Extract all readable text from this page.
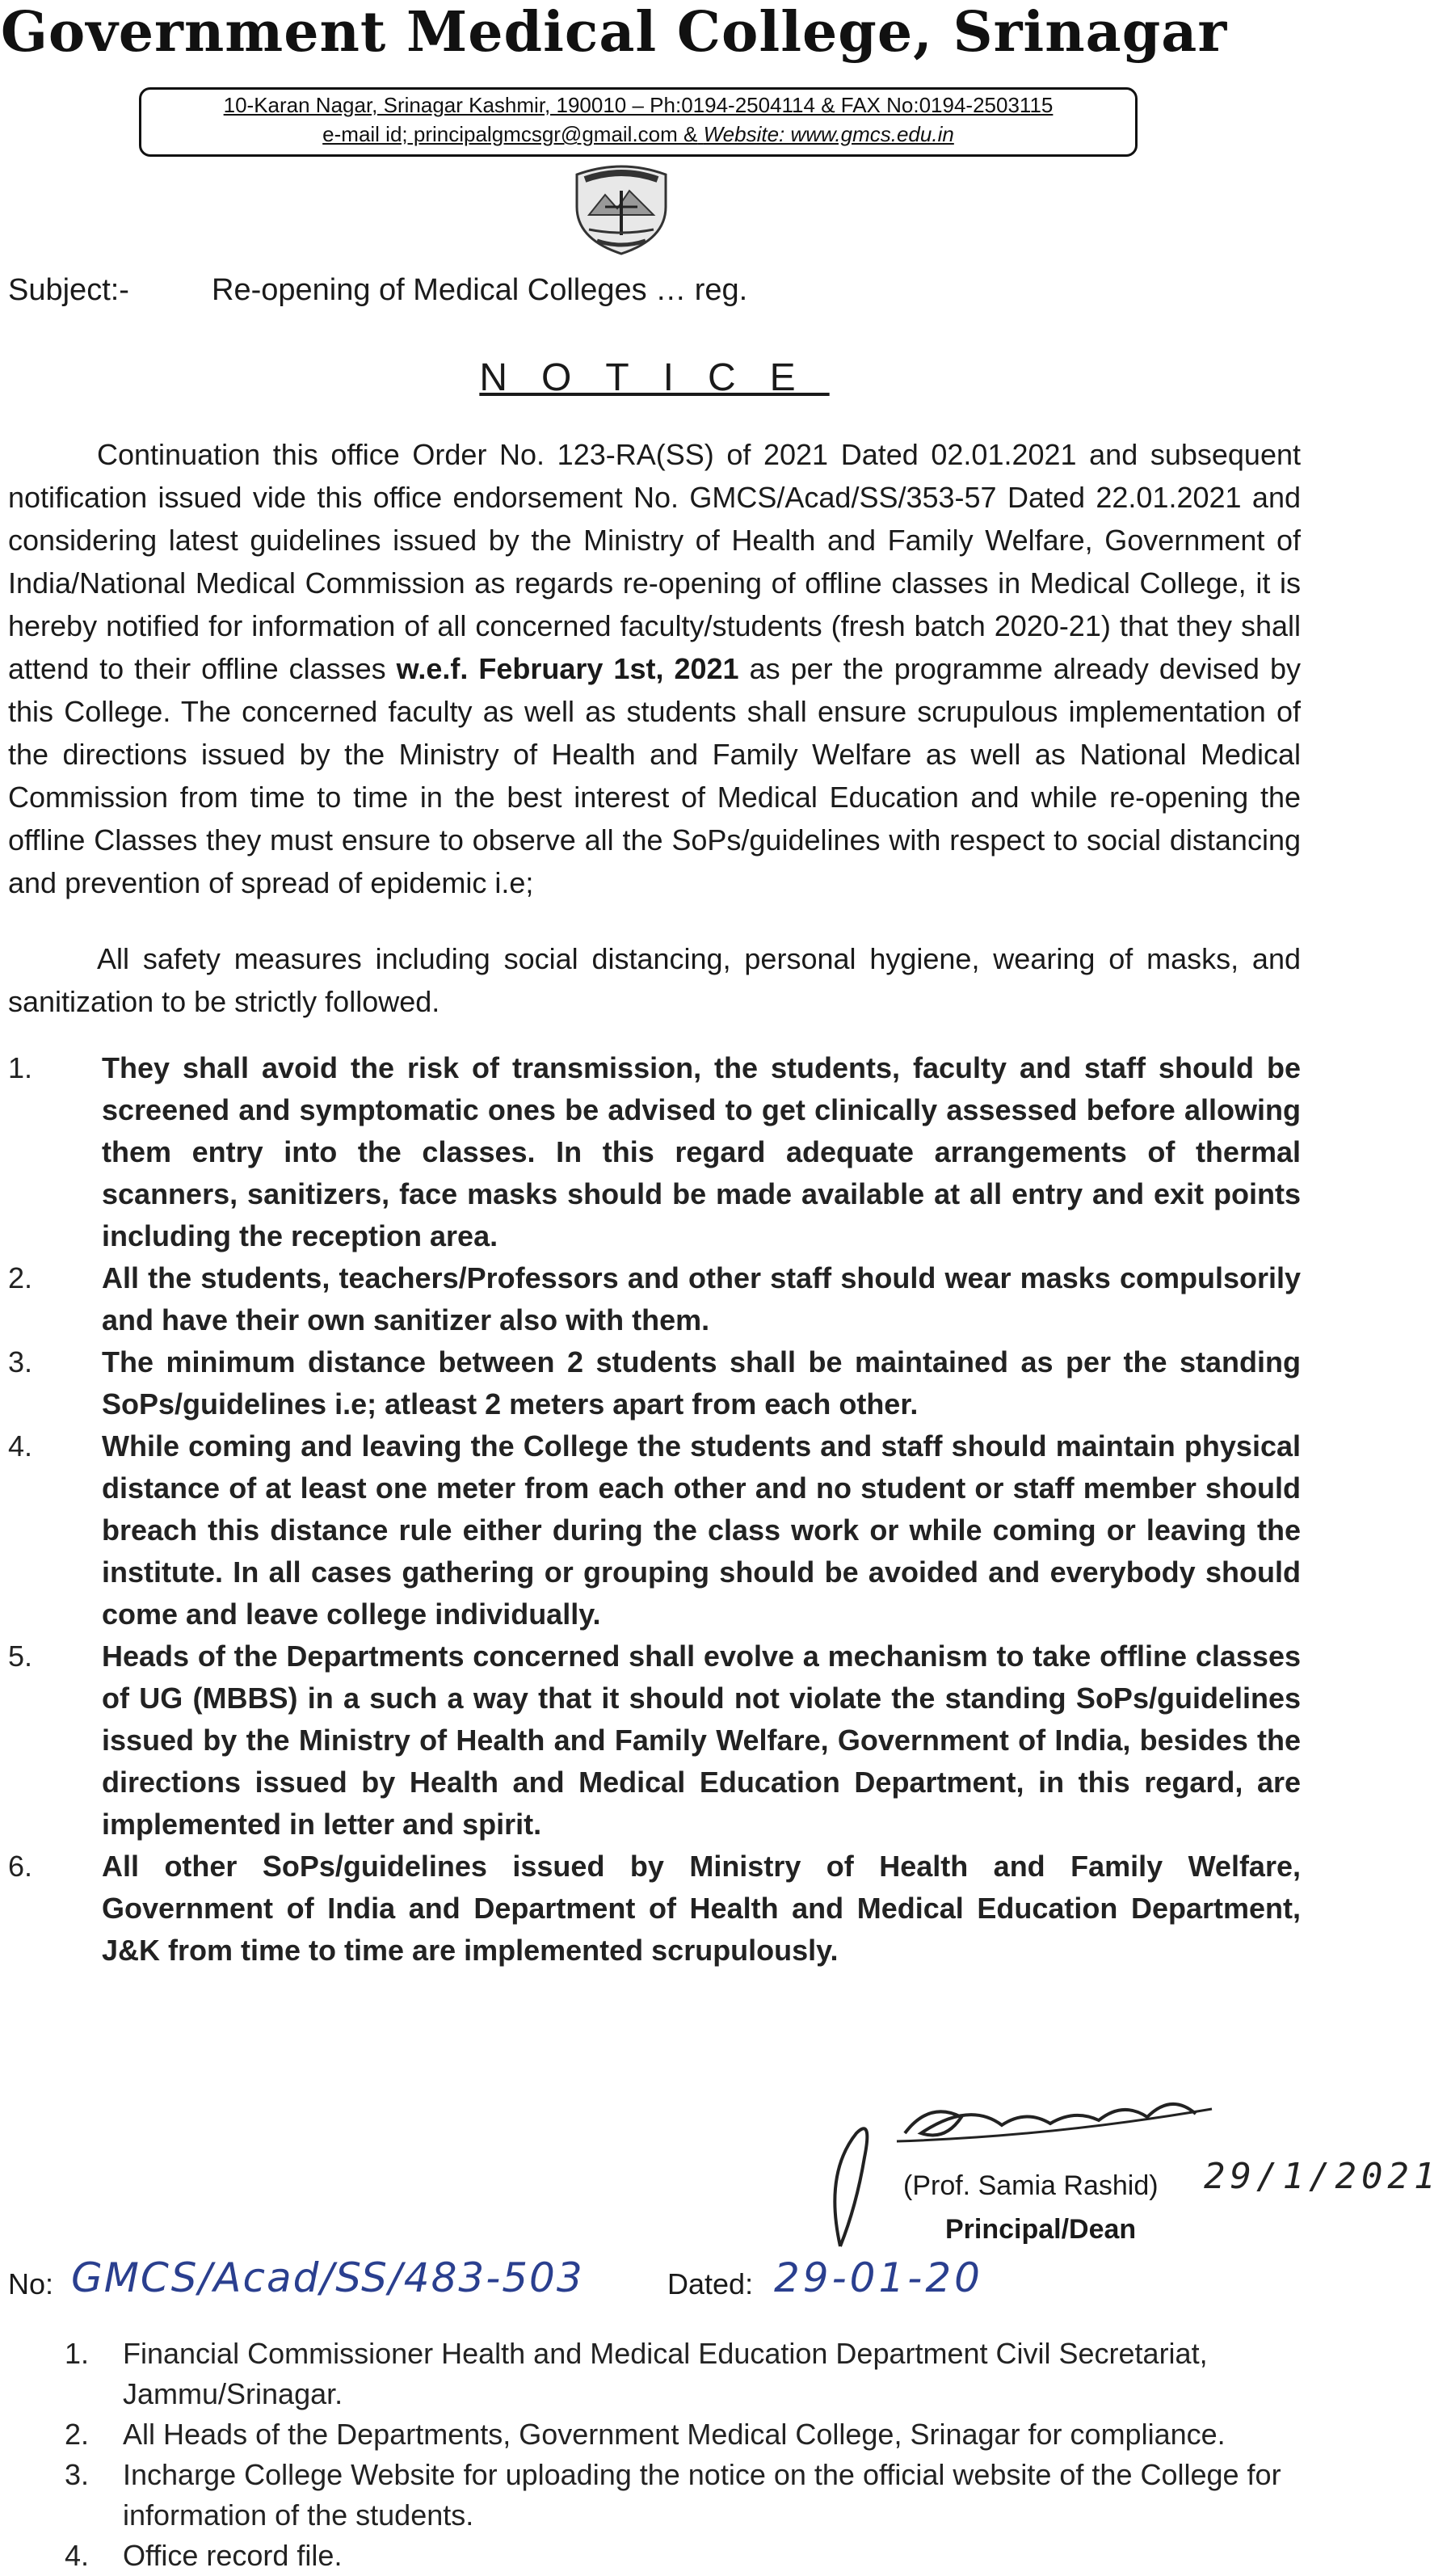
Government Medical College, Srinagar
10-Karan Nagar, Srinagar Kashmir, 190010 – Ph:0194-2504114 & FAX No:0194-2503115
e-mail id; principalgmcsgr@gmail.com & Website: www.gmcs.edu.in
Subject:-	Re-opening of Medical Colleges … reg.
NOTICE
Continuation this office Order No. 123-RA(SS) of 2021 Dated 02.01.2021 and subsequent notification issued vide this office endorsement No. GMCS/Acad/SS/353-57 Dated 22.01.2021 and considering latest guidelines issued by the Ministry of Health and Family Welfare, Government of India/National Medical Commission as regards re-opening of offline classes in Medical College, it is hereby notified for information of all concerned faculty/students (fresh batch 2020-21) that they shall attend to their offline classes w.e.f. February 1st, 2021 as per the programme already devised by this College. The concerned faculty as well as students shall ensure scrupulous implementation of the directions issued by the Ministry of Health and Family Welfare as well as National Medical Commission from time to time in the best interest of Medical Education and while re-opening the offline Classes they must ensure to observe all the SoPs/guidelines with respect to social distancing and prevention of spread of epidemic i.e;
All safety measures including social distancing, personal hygiene, wearing of masks, and sanitization to be strictly followed.
1. They shall avoid the risk of transmission, the students, faculty and staff should be screened and symptomatic ones be advised to get clinically assessed before allowing them entry into the classes. In this regard adequate arrangements of thermal scanners, sanitizers, face masks should be made available at all entry and exit points including the reception area.
2. All the students, teachers/Professors and other staff should wear masks compulsorily and have their own sanitizer also with them.
3. The minimum distance between 2 students shall be maintained as per the standing SoPs/guidelines i.e; atleast 2 meters apart from each other.
4. While coming and leaving the College the students and staff should maintain physical distance of at least one meter from each other and no student or staff member should breach this distance rule either during the class work or while coming or leaving the institute. In all cases gathering or grouping should be avoided and everybody should come and leave college individually.
5. Heads of the Departments concerned shall evolve a mechanism to take offline classes of UG (MBBS) in a such a way that it should not violate the standing SoPs/guidelines issued by the Ministry of Health and Family Welfare, Government of India, besides the directions issued by Health and Medical Education Department, in this regard, are implemented in letter and spirit.
6. All other SoPs/guidelines issued by Ministry of Health and Family Welfare, Government of India and Department of Health and Medical Education Department, J&K from time to time are implemented scrupulously.
(Prof. Samia Rashid) 29/1/2021
Principal/Dean
No: GMCS/Acad/SS/483-503	Dated: 29-01-20
1. Financial Commissioner Health and Medical Education Department Civil Secretariat, Jammu/Srinagar.
2. All Heads of the Departments, Government Medical College, Srinagar for compliance.
3. Incharge College Website for uploading the notice on the official website of the College for information of the students.
4. Office record file.
